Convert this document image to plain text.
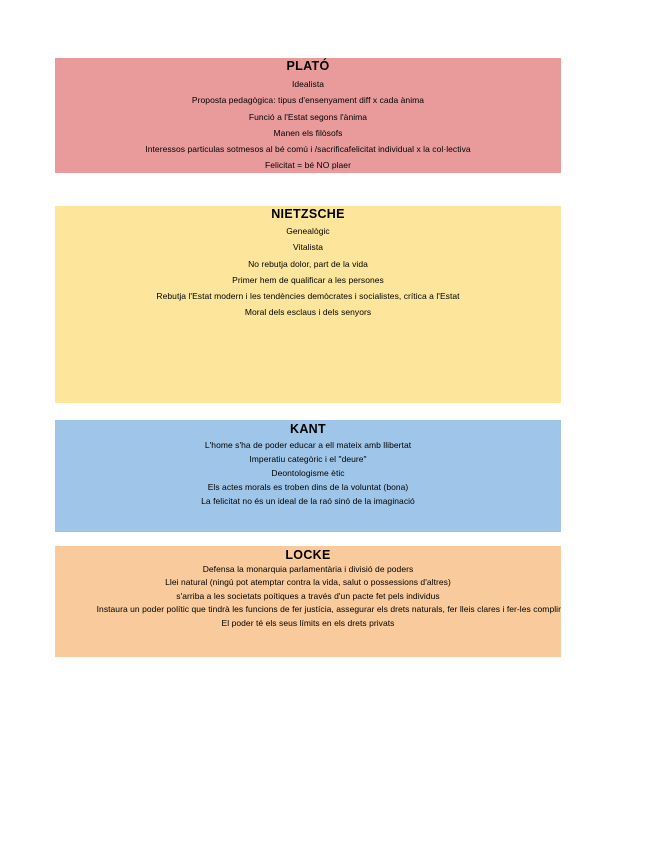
PLATÓ
Idealista
Proposta pedagògica: tipus d'ensenyament diff x cada ànima
Funció a l'Estat segons l'ànima
Manen els filòsofs
Interessos particulas sotmesos al bé comú i /sacrificafelicitat individual x la col·lectiva
Felicitat = bé NO plaer
NIETZSCHE
Genealògic
Vitalista
No rebutja dolor, part de la vida
Primer hem de qualificar a les persones
Rebutja l'Estat modern i les tendències demòcrates i socialistes, crítica a l'Estat
Moral dels esclaus i dels senyors
KANT
L'home s'ha de poder educar a ell mateix amb llibertat
Imperatiu categòric i el "deure"
Deontologisme ètic
Els actes morals es troben dins de la voluntat (bona)
La felicitat no és un ideal de la raó sinó de la imaginació
LOCKE
Defensa la monarquia parlamentària i divisió de poders
Llei natural (ningú pot atemptar contra la vida, salut o possessions d'altres)
s'arriba a les societats poítiques a través d'un pacte fet pels individus
Instaura un poder polític que tindrà les funcions de fer justícia, assegurar els drets naturals, fer lleis clares i fer-les complir
El poder té els seus límits en els drets privats
